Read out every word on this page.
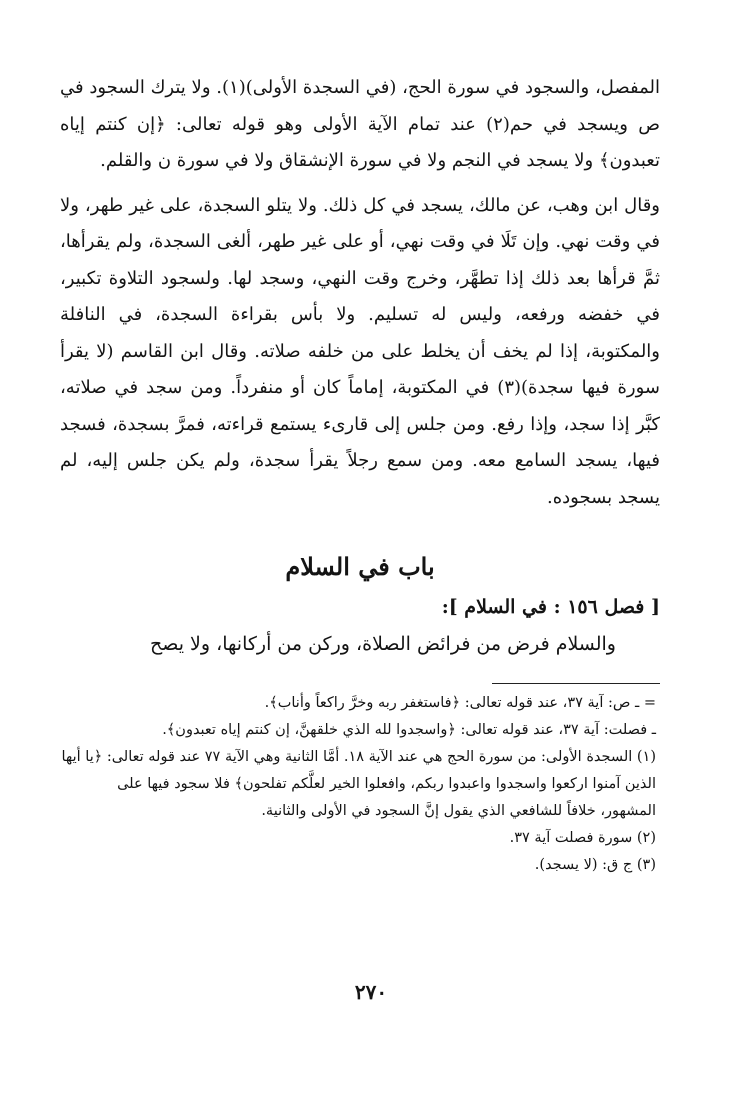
المفصل، والسجود في سورة الحج، (في السجدة الأولى)(١). ولا يترك السجود في ص ويسجد في حم(٢) عند تمام الآية الأولى وهو قوله تعالى: ﴿إن كنتم إياه تعبدون﴾ ولا يسجد في النجم ولا في سورة الإنشقاق ولا في سورة ن والقلم.

وقال ابن وهب، عن مالك، يسجد في كل ذلك. ولا يتلو السجدة، على غير طهر، ولا في وقت نهي. وإن تَلَا في وقت نهي، أو على غير طهر، ألغى السجدة، ولم يقرأها، ثمَّ قرأها بعد ذلك إذا تطهَّر، وخرج وقت النهي، وسجد لها. ولسجود التلاوة تكبير، في خفضه ورفعه، وليس له تسليم. ولا بأس بقراءة السجدة، في النافلة والمكتوبة، إذا لم يخف أن يخلط على من خلفه صلاته. وقال ابن القاسم (لا يقرأ سورة فيها سجدة)(٣) في المكتوبة، إماماً كان أو منفرداً. ومن سجد في صلاته، كبَّر إذا سجد، وإذا رفع. ومن جلس إلى قارىء يستمع قراءته، فمرَّ بسجدة، فسجد فيها، يسجد السامع معه. ومن سمع رجلاً يقرأ سجدة، ولم يكن جلس إليه، لم يسجد بسجوده.

باب في السلام
[ فصل ١٥٦ : في السلام ]:

والسلام فرض من فرائض الصلاة، وركن من أركانها، ولا يصح

= ـ ص: آية ٣٧، عند قوله تعالى: ﴿فاستغفر ربه وخرَّ راكعاً وأناب﴾.

ـ فصلت: آية ٣٧، عند قوله تعالى: ﴿واسجدوا لله الذي خلقهنَّ، إن كنتم إياه تعبدون﴾.

(١) السجدة الأولى: من سورة الحج هي عند الآية ١٨. أمَّا الثانية وهي الآية ٧٧ عند قوله تعالى: ﴿يا أيها الذين آمنوا اركعوا واسجدوا واعبدوا ربكم، وافعلوا الخير لعلَّكم تفلحون﴾ فلا سجود فيها على المشهور، خلافاً للشافعي الذي يقول إنَّ السجود في الأولى والثانية.

(٢) سورة فصلت آية ٣٧.

(٣) ج ق: (لا يسجد).

٢٧٠
